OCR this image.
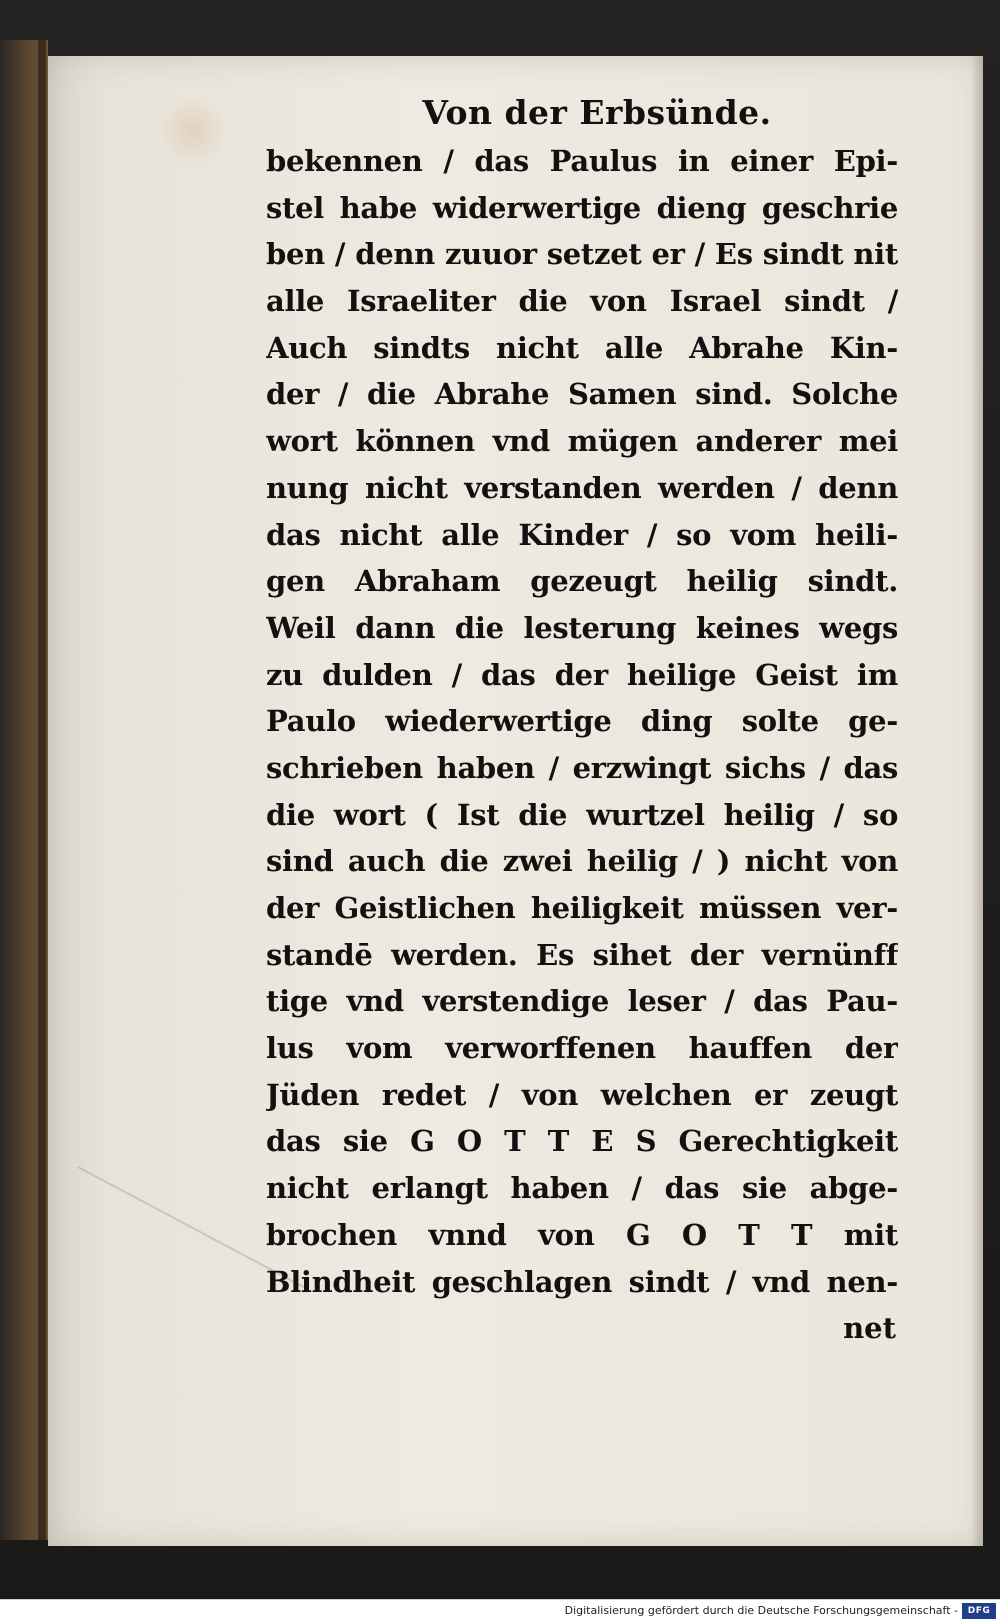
Von der Erbsünde.
bekennen / das Paulus in einer Epi-
stel habe widerwertige dieng geschrie
ben / denn zuuor setzet er / Es sindt nit
alle Israeliter die von Israel sindt /
Auch sindts nicht alle Abrahe Kin-
der / die Abrahe Samen sind. Solche
wort können vnd mügen anderer mei
nung nicht verstanden werden / denn
das nicht alle Kinder / so vom heili-
gen Abraham gezeugt heilig sindt.
Weil dann die lesterung keines wegs
zu dulden / das der heilige Geist im
Paulo wiederwertige ding solte ge-
schrieben haben / erzwingt sichs / das
die wort ( Ist die wurtzel heilig / so
sind auch die zwei heilig / ) nicht von
der Geistlichen heiligkeit müssen ver-
standē werden. Es sihet der vernünff
tige vnd verstendige leser / das Pau-
lus vom verworffenen hauffen der
Jüden redet / von welchen er zeugt
das sie G O T T E S Gerechtigkeit
nicht erlangt haben / das sie abge-
brochen vnnd von G O T T mit
Blindheit geschlagen sindt / vnd nen-
net
Digitalisierung gefördert durch die Deutsche Forschungsgemeinschaft -	DFG
